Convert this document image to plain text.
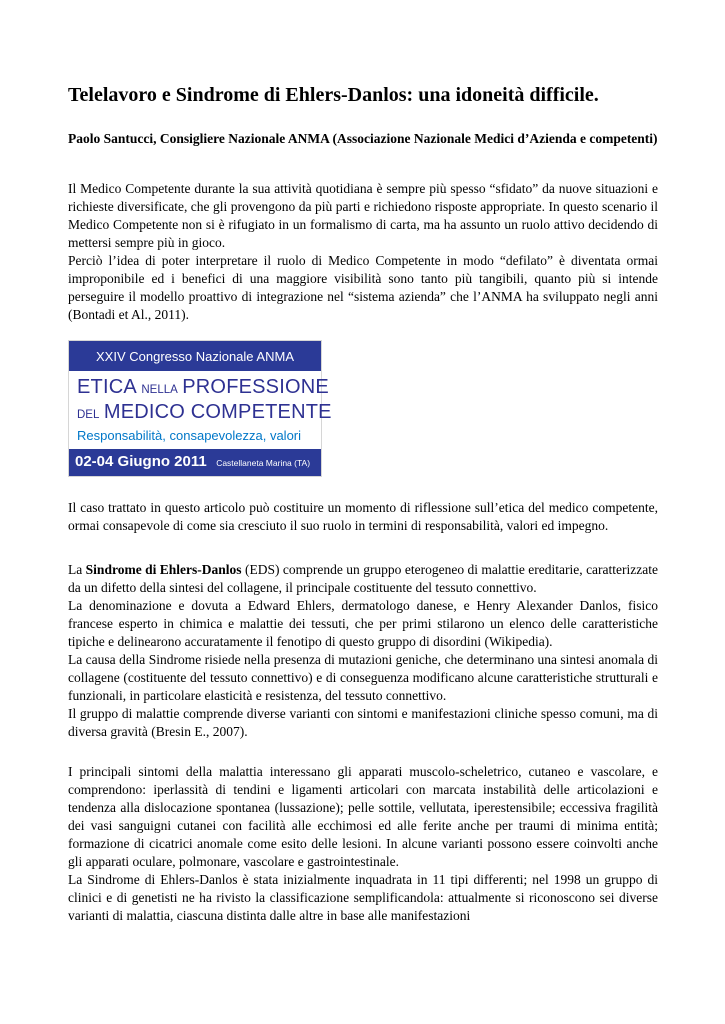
Telelavoro e Sindrome di Ehlers-Danlos: una idoneità difficile.

Paolo Santucci, Consigliere Nazionale ANMA (Associazione Nazionale Medici d’Azienda e competenti)

Il Medico Competente durante la sua attività quotidiana è sempre più spesso “sfidato” da nuove situazioni e richieste diversificate, che gli provengono da più parti e richiedono risposte appropriate. In questo scenario il Medico Competente non si è rifugiato in un formalismo di carta, ma ha assunto un ruolo attivo decidendo di mettersi sempre più in gioco.

Perciò l’idea di poter interpretare il ruolo di Medico Competente in modo “defilato” è diventata ormai improponibile ed i benefici di una maggiore visibilità sono tanto più tangibili, quanto più si intende perseguire il modello proattivo di integrazione nel “sistema azienda” che l’ANMA ha sviluppato negli anni (Bontadi et Al., 2011).

XXIV Congresso Nazionale ANMA
ETICA NELLA PROFESSIONE
DEL MEDICO COMPETENTE
Responsabilità, consapevolezza, valori
02-04 Giugno 2011 Castellaneta Marina (TA)

Il caso trattato in questo articolo può costituire un momento di riflessione sull’etica del medico competente, ormai consapevole di come sia cresciuto il suo ruolo in termini di responsabilità, valori ed impegno.

La Sindrome di Ehlers-Danlos (EDS) comprende un gruppo eterogeneo di malattie ereditarie, caratterizzate da un difetto della sintesi del collagene, il principale costituente del tessuto connettivo.

La denominazione e dovuta a Edward Ehlers, dermatologo danese, e Henry Alexander Danlos, fisico francese esperto in chimica e malattie dei tessuti, che per primi stilarono un elenco delle caratteristiche tipiche e delinearono accuratamente il fenotipo di questo gruppo di disordini (Wikipedia).

La causa della Sindrome risiede nella presenza di mutazioni geniche, che determinano una sintesi anomala di collagene (costituente del tessuto connettivo) e di conseguenza modificano alcune caratteristiche strutturali e funzionali, in particolare elasticità e resistenza, del tessuto connettivo.

Il gruppo di malattie comprende diverse varianti con sintomi e manifestazioni cliniche spesso comuni, ma di diversa gravità (Bresin E., 2007).

I principali sintomi della malattia interessano gli apparati muscolo-scheletrico, cutaneo e vascolare, e comprendono: iperlassità di tendini e ligamenti articolari con marcata instabilità delle articolazioni e tendenza alla dislocazione spontanea (lussazione); pelle sottile, vellutata, iperestensibile; eccessiva fragilità dei vasi sanguigni cutanei con facilità alle ecchimosi ed alle ferite anche per traumi di minima entità; formazione di cicatrici anomale come esito delle lesioni. In alcune varianti possono essere coinvolti anche gli apparati oculare, polmonare, vascolare e gastrointestinale.

La Sindrome di Ehlers-Danlos è stata inizialmente inquadrata in 11 tipi differenti; nel 1998 un gruppo di clinici e di genetisti ne ha rivisto la classificazione semplificandola: attualmente si riconoscono sei diverse varianti di malattia, ciascuna distinta dalle altre in base alle manifestazioni
